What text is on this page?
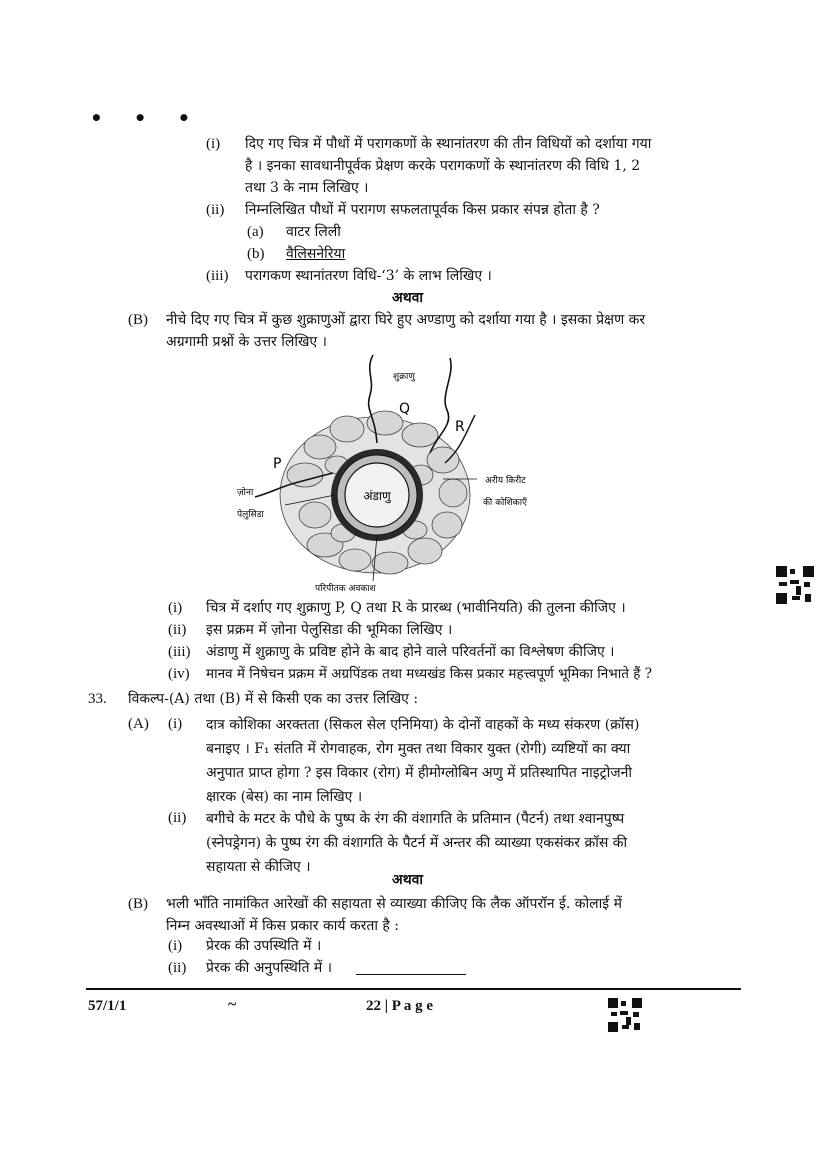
• • •
(i) दिए गए चित्र में पौधों में परागकणों के स्थानांतरण की तीन विधियों को दर्शाया गया
है । इनका सावधानीपूर्वक प्रेक्षण करके परागकणों के स्थानांतरण की विधि 1, 2
तथा 3 के नाम लिखिए ।
(ii) निम्नलिखित पौधों में परागण सफलतापूर्वक किस प्रकार संपन्न होता है ?
(a) वाटर लिली
(b) वैलिसनेरिया
(iii) परागकण स्थानांतरण विधि-‘3’ के लाभ लिखिए ।
अथवा
(B) नीचे दिए गए चित्र में कुछ शुक्राणुओं द्वारा घिरे हुए अण्डाणु को दर्शाया गया है । इसका प्रेक्षण कर
अग्रगामी प्रश्नों के उत्तर लिखिए ।
अंडाणु
शुक्राणु
Q
R
P
ज़ोना
पेलुसिडा
अरीय किरीट
की कोशिकाएँ
परिपीतक अवकाश
(i) चित्र में दर्शाए गए शुक्राणु P, Q तथा R के प्रारब्ध (भावीनियति) की तुलना कीजिए ।
(ii) इस प्रक्रम में ज़ोना पेलुसिडा की भूमिका लिखिए ।
(iii) अंडाणु में शुक्राणु के प्रविष्ट होने के बाद होने वाले परिवर्तनों का विश्लेषण कीजिए ।
(iv) मानव में निषेचन प्रक्रम में अग्रपिंडक तथा मध्यखंड किस प्रकार महत्त्वपूर्ण भूमिका निभाते हैं ?
33. विकल्प-(A) तथा (B) में से किसी एक का उत्तर लिखिए :
(A) (i) दात्र कोशिका अरक्तता (सिकल सेल एनिमिया) के दोनों वाहकों के मध्य संकरण (क्रॉस)
बनाइए । F₁ संतति में रोगवाहक, रोग मुक्त तथा विकार युक्त (रोगी) व्यष्टियों का क्या
अनुपात प्राप्त होगा ? इस विकार (रोग) में हीमोग्लोबिन अणु में प्रतिस्थापित नाइट्रोजनी
क्षारक (बेस) का नाम लिखिए ।
(ii) बगीचे के मटर के पौधे के पुष्प के रंग की वंशागति के प्रतिमान (पैटर्न) तथा श्वानपुष्प
(स्नेपड्रेगन) के पुष्प रंग की वंशागति के पैटर्न में अन्तर की व्याख्या एकसंकर क्रॉस की
सहायता से कीजिए ।
अथवा
(B) भली भाँति नामांकित आरेखों की सहायता से व्याख्या कीजिए कि लैक ऑपरॉन ई. कोलाई में
निम्न अवस्थाओं में किस प्रकार कार्य करता है :
(i) प्रेरक की उपस्थिति में ।
(ii) प्रेरक की अनुपस्थिति में ।
57/1/1	~	22 | P a g e
